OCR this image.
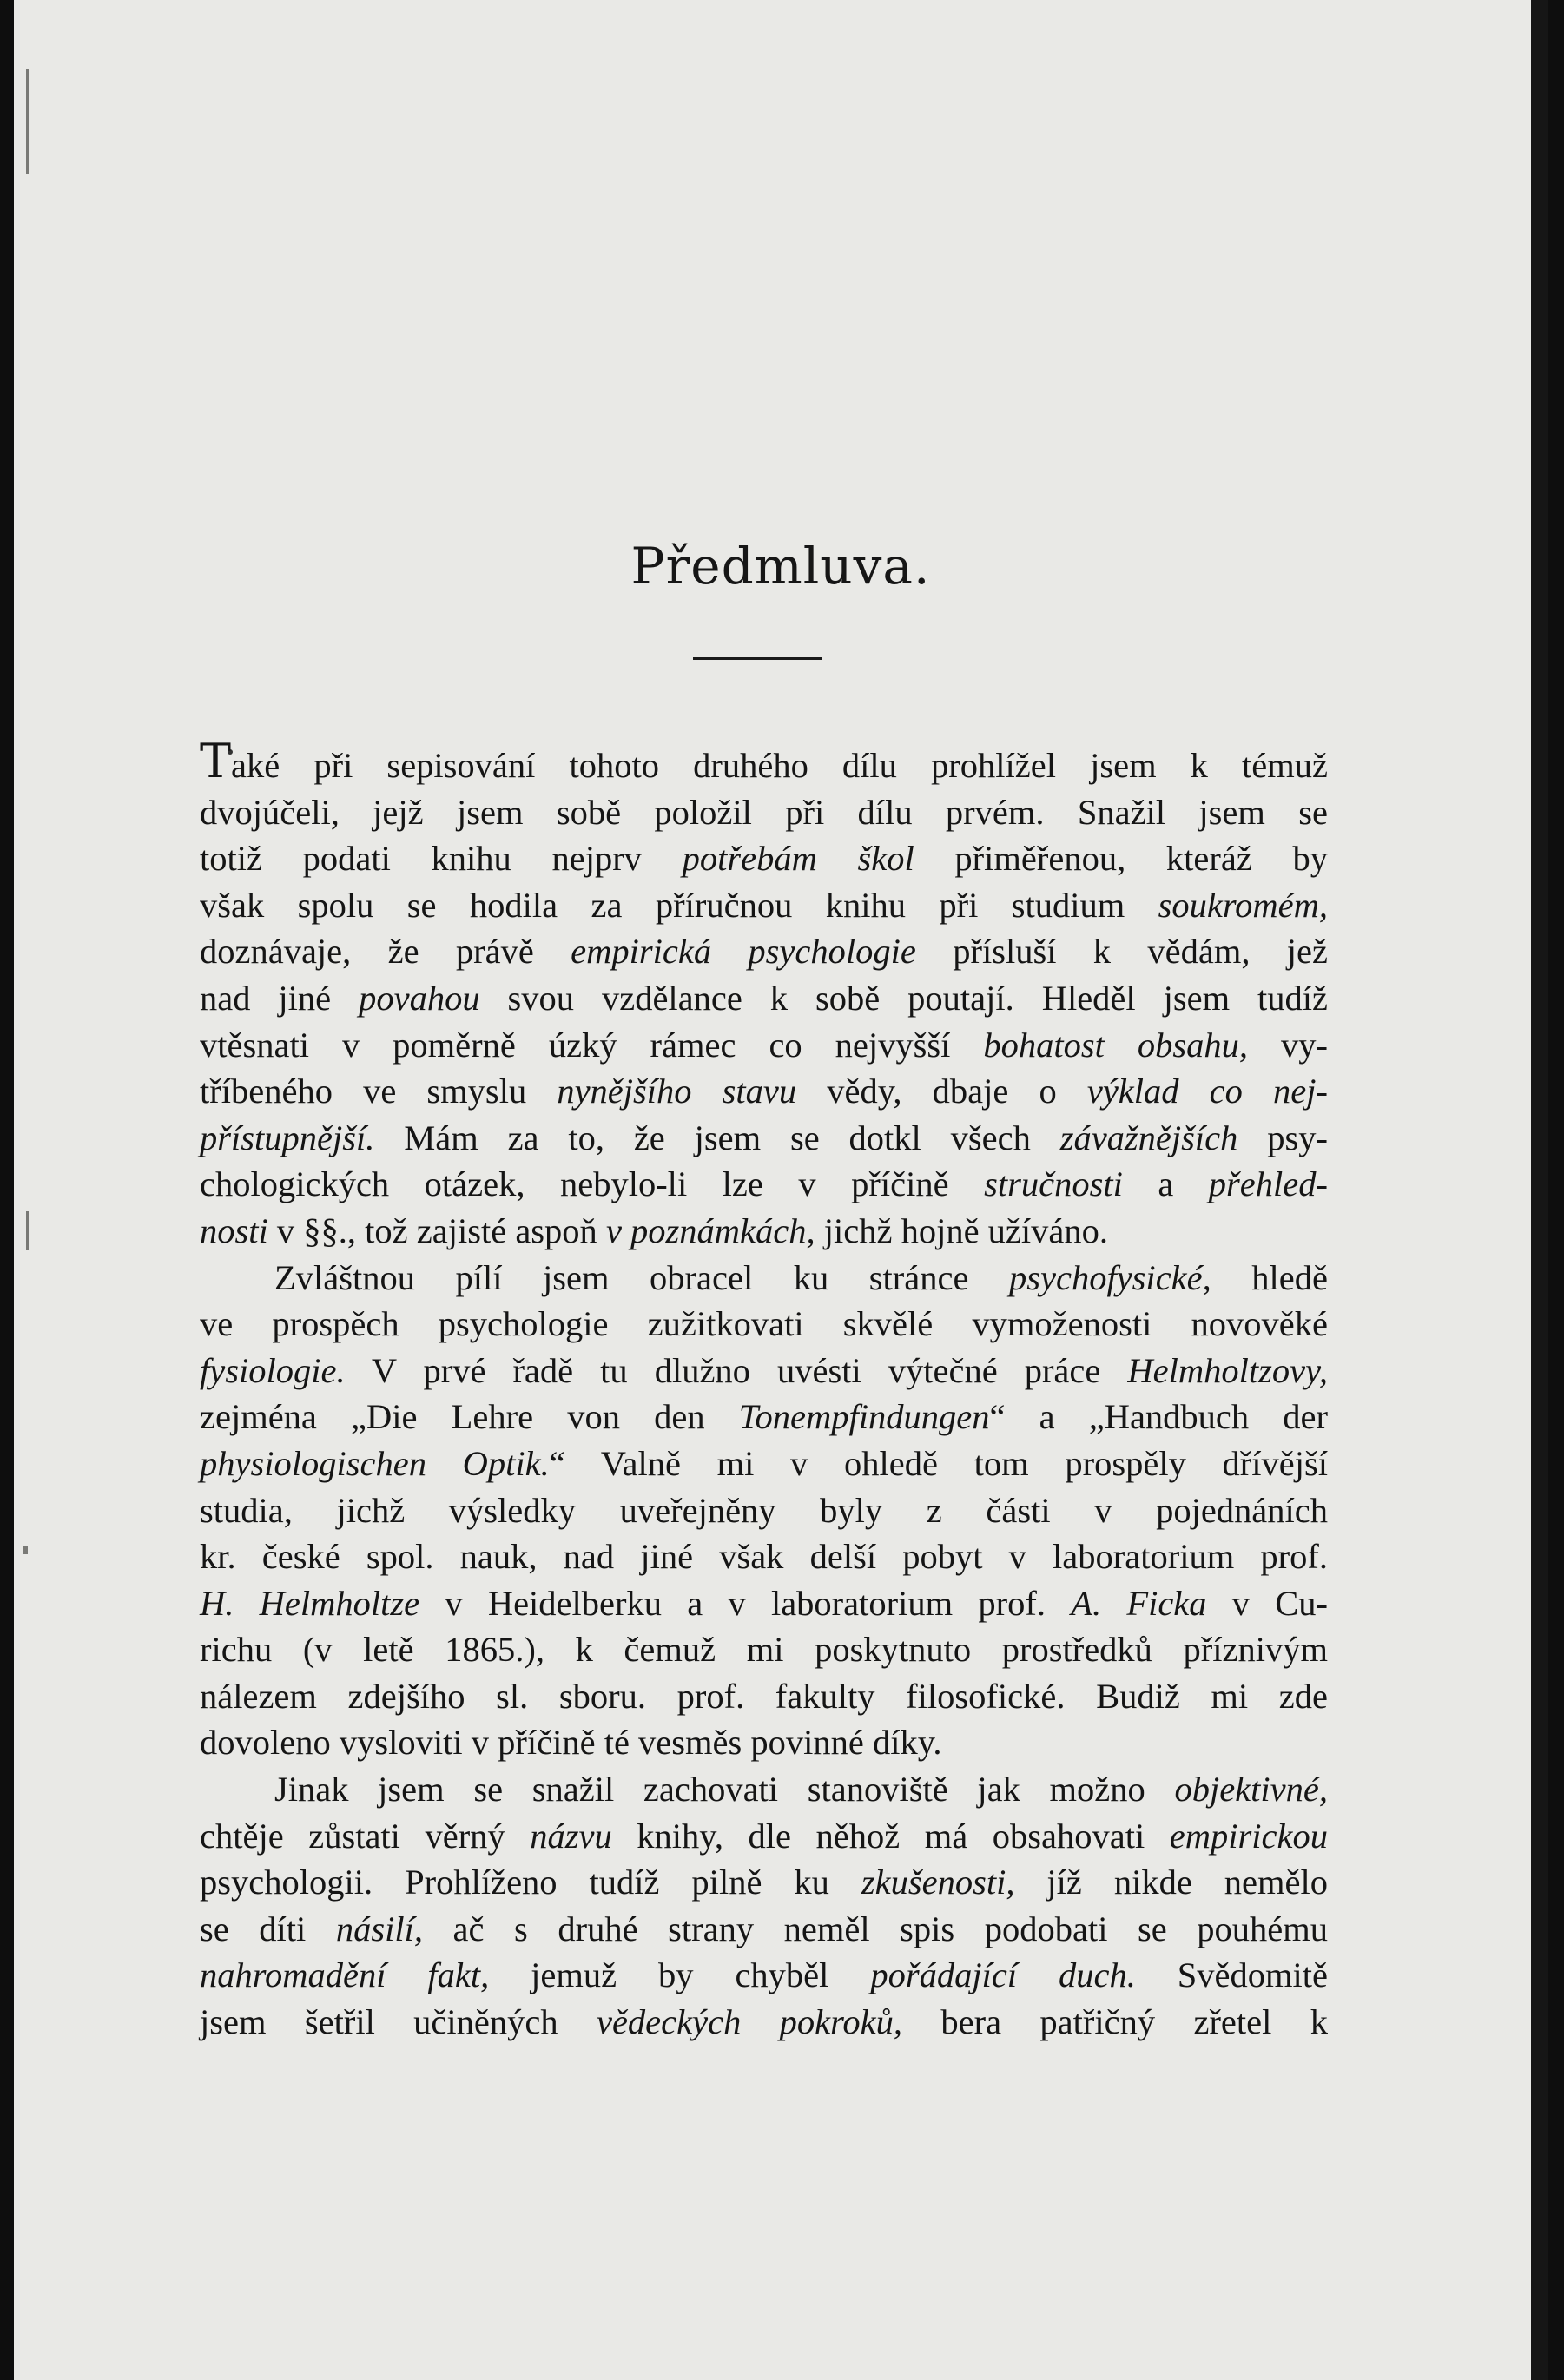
Předmluva.
Také při sepisování tohoto druhého dílu prohlížel jsem k témuž
dvojúčeli, jejž jsem sobě položil při dílu prvém. Snažil jsem se
totiž podati knihu nejprv potřebám škol přiměřenou, kteráž by
však spolu se hodila za příručnou knihu při studium soukromém,
doznávaje, že právě empirická psychologie přísluší k vědám, jež
nad jiné povahou svou vzdělance k sobě poutají. Hleděl jsem tudíž
vtěsnati v poměrně úzký rámec co nejvyšší bohatost obsahu, vy-
tříbeného ve smyslu nynějšího stavu vědy, dbaje o výklad co nej-
přístupnější. Mám za to, že jsem se dotkl všech závažnějších psy-
chologických otázek, nebylo-li lze v příčině stručnosti a přehled-
nosti v §§., tož zajisté aspoň v poznámkách, jichž hojně užíváno.
Zvláštnou pílí jsem obracel ku stránce psychofysické, hledě
ve prospěch psychologie zužitkovati skvělé vymoženosti novověké
fysiologie. V prvé řadě tu dlužno uvésti výtečné práce Helmholtzovy,
zejména „Die Lehre von den Tonempfindungen“ a „Handbuch der
physiologischen Optik.“ Valně mi v ohledě tom prospěly dřívější
studia, jichž výsledky uveřejněny byly z části v pojednáních
kr. české spol. nauk, nad jiné však delší pobyt v laboratorium prof.
H. Helmholtze v Heidelberku a v laboratorium prof. A. Ficka v Cu-
richu (v letě 1865.), k čemuž mi poskytnuto prostředků příznivým
nálezem zdejšího sl. sboru. prof. fakulty filosofické. Budiž mi zde
dovoleno vysloviti v příčině té vesměs povinné díky.
Jinak jsem se snažil zachovati stanoviště jak možno objektivné,
chtěje zůstati věrný názvu knihy, dle něhož má obsahovati empirickou
psychologii. Prohlíženo tudíž pilně ku zkušenosti, jíž nikde nemělo
se díti násilí, ač s druhé strany neměl spis podobati se pouhému
nahromadění fakt, jemuž by chyběl pořádající duch. Svědomitě
jsem šetřil učiněných vědeckých pokroků, bera patřičný zřetel k
